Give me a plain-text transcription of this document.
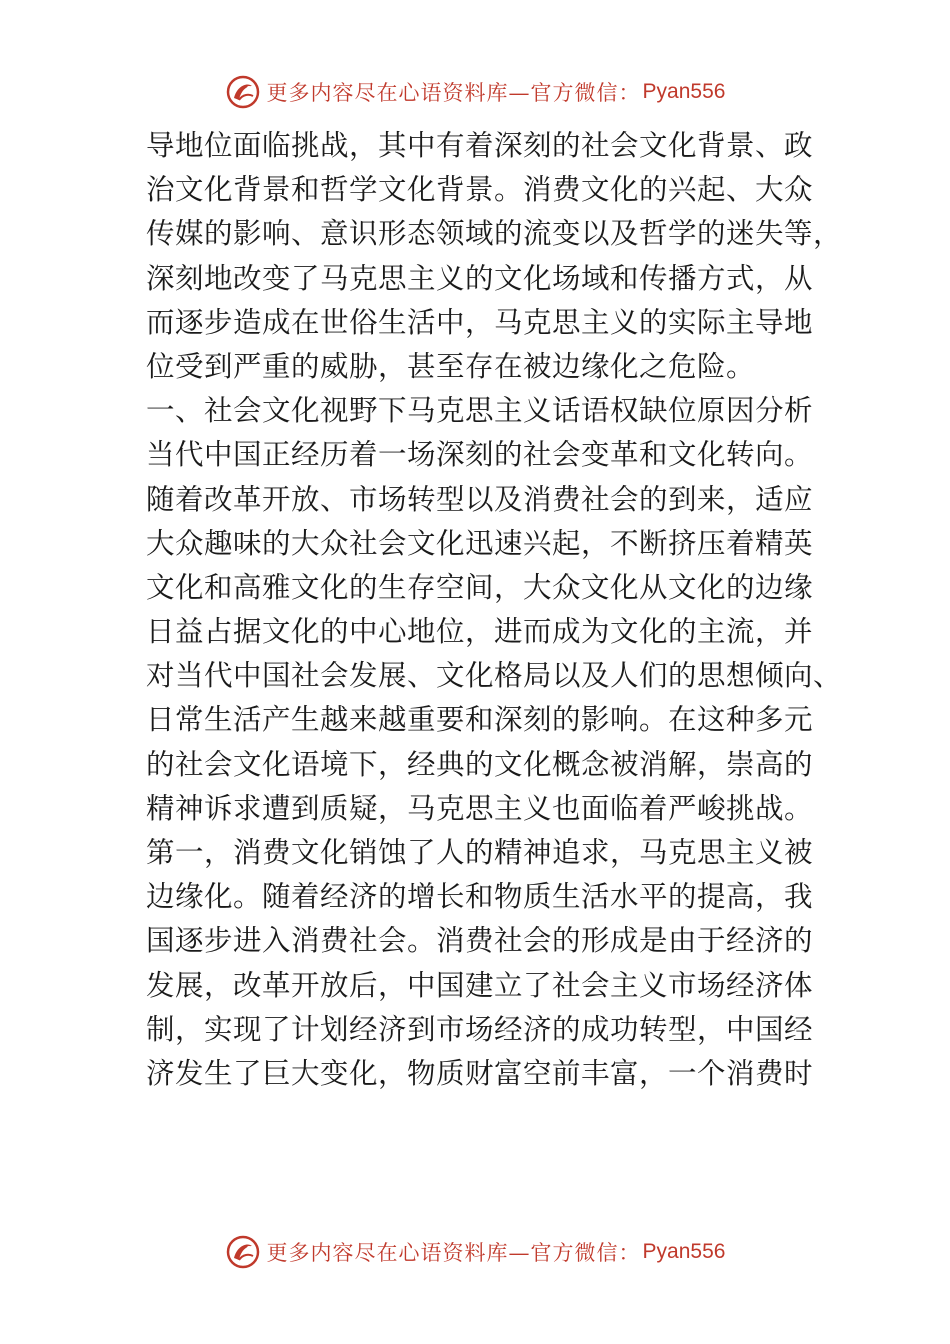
更多内容尽在心语资料库—官方微信： Pyan556
导地位面临挑战，其中有着深刻的社会文化背景、政
治文化背景和哲学文化背景。消费文化的兴起、大众
传媒的影响、意识形态领域的流变以及哲学的迷失等，
深刻地改变了马克思主义的文化场域和传播方式，从
而逐步造成在世俗生活中，马克思主义的实际主导地
位受到严重的威胁，甚至存在被边缘化之危险。
一、社会文化视野下马克思主义话语权缺位原因分析
当代中国正经历着一场深刻的社会变革和文化转向。
随着改革开放、市场转型以及消费社会的到来，适应
大众趣味的大众社会文化迅速兴起，不断挤压着精英
文化和高雅文化的生存空间，大众文化从文化的边缘
日益占据文化的中心地位，进而成为文化的主流，并
对当代中国社会发展、文化格局以及人们的思想倾向、
日常生活产生越来越重要和深刻的影响。在这种多元
的社会文化语境下，经典的文化概念被消解，崇高的
精神诉求遭到质疑，马克思主义也面临着严峻挑战。
第一，消费文化销蚀了人的精神追求，马克思主义被
边缘化。随着经济的增长和物质生活水平的提高，我
国逐步进入消费社会。消费社会的形成是由于经济的
发展，改革开放后，中国建立了社会主义市场经济体
制，实现了计划经济到市场经济的成功转型，中国经
济发生了巨大变化，物质财富空前丰富，一个消费时
更多内容尽在心语资料库—官方微信： Pyan556
